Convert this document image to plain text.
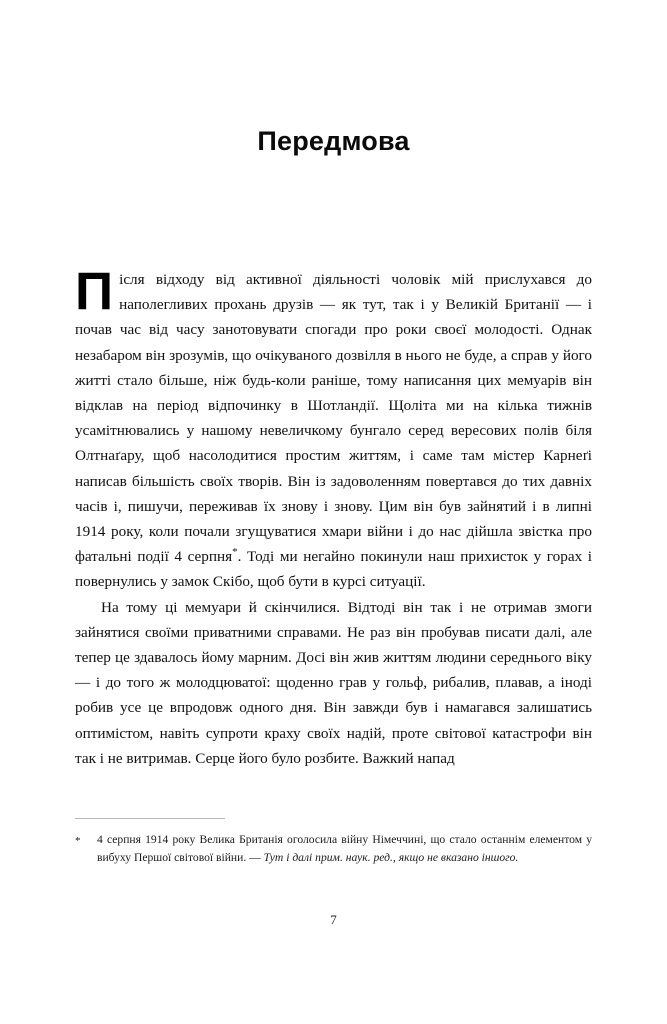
Передмова

Після відходу від активної діяльності чоловік мій прислухався до наполегливих прохань друзів — як тут, так і у Великій Британії — і почав час від часу занотовувати спогади про роки своєї молодості. Однак незабаром він зрозумів, що очікуваного дозвілля в нього не буде, а справ у його житті стало більше, ніж будь-коли раніше, тому написання цих мемуарів він відклав на період відпочинку в Шотландії. Щоліта ми на кілька тижнів усамітнювались у нашому невеличкому бунгало серед вересових полів біля Олтнаґару, щоб насолодитися простим життям, і саме там містер Карнеґі написав більшість своїх творів. Він із задоволенням повертався до тих давніх часів і, пишучи, переживав їх знову і знову. Цим він був зайнятий і в липні 1914 року, коли почали згущуватися хмари війни і до нас дійшла звістка про фатальні події 4 серпня*. Тоді ми негайно покинули наш прихисток у горах і повернулись у замок Скібо, щоб бути в курсі ситуації.

На тому ці мемуари й скінчилися. Відтоді він так і не отримав змоги зайнятися своїми приватними справами. Не раз він пробував писати далі, але тепер це здавалось йому марним. Досі він жив життям людини середнього віку — і до того ж молодцюватої: щоденно грав у гольф, рибалив, плавав, а іноді робив усе це впродовж одного дня. Він завжди був і намагався залишатись оптимістом, навіть супроти краху своїх надій, проте світової катастрофи він так і не витримав. Серце його було розбите. Важкий напад

* 4 серпня 1914 року Велика Британія оголосила війну Німеччині, що стало останнім елементом у вибуху Першої світової війни. — Тут і далі прим. наук. ред., якщо не вказано іншого.
7
